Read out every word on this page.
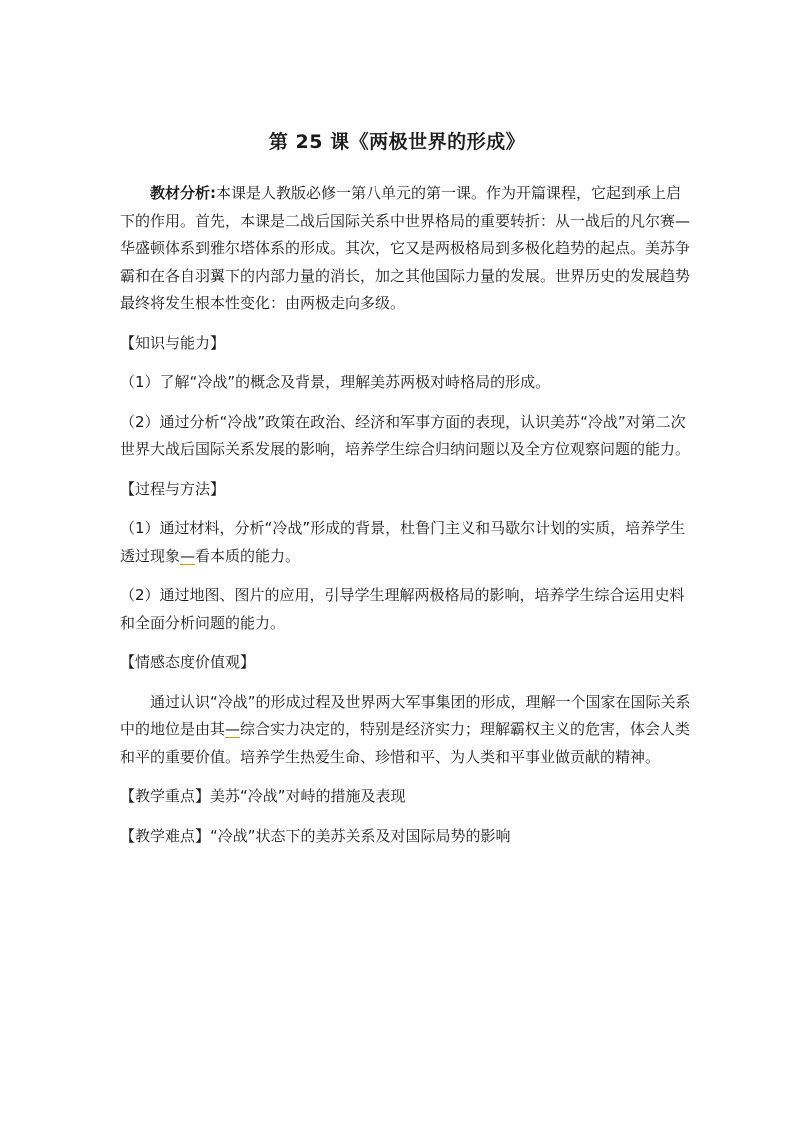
第 25 课《两极世界的形成》

教材分析:本课是人教版必修一第八单元的第一课。作为开篇课程，它起到承上启下的作用。首先，本课是二战后国际关系中世界格局的重要转折：从一战后的凡尔赛—华盛顿体系到雅尔塔体系的形成。其次，它又是两极格局到多极化趋势的起点。美苏争霸和在各自羽翼下的内部力量的消长，加之其他国际力量的发展。世界历史的发展趋势最终将发生根本性变化：由两极走向多级。

【知识与能力】

（1）了解“冷战”的概念及背景，理解美苏两极对峙格局的形成。

（2）通过分析“冷战”政策在政治、经济和军事方面的表现，认识美苏“冷战”对第二次世界大战后国际关系发展的影响，培养学生综合归纳问题以及全方位观察问题的能力。

【过程与方法】

（1）通过材料，分析“冷战”形成的背景，杜鲁门主义和马歇尔计划的实质，培养学生透过现象—看本质的能力。

（2）通过地图、图片的应用，引导学生理解两极格局的影响，培养学生综合运用史料和全面分析问题的能力。

【情感态度价值观】

通过认识“冷战”的形成过程及世界两大军事集团的形成，理解一个国家在国际关系中的地位是由其—综合实力决定的，特别是经济实力；理解霸权主义的危害，体会人类和平的重要价值。培养学生热爱生命、珍惜和平、为人类和平事业做贡献的精神。

【教学重点】美苏“冷战”对峙的措施及表现

【教学难点】“冷战”状态下的美苏关系及对国际局势的影响
